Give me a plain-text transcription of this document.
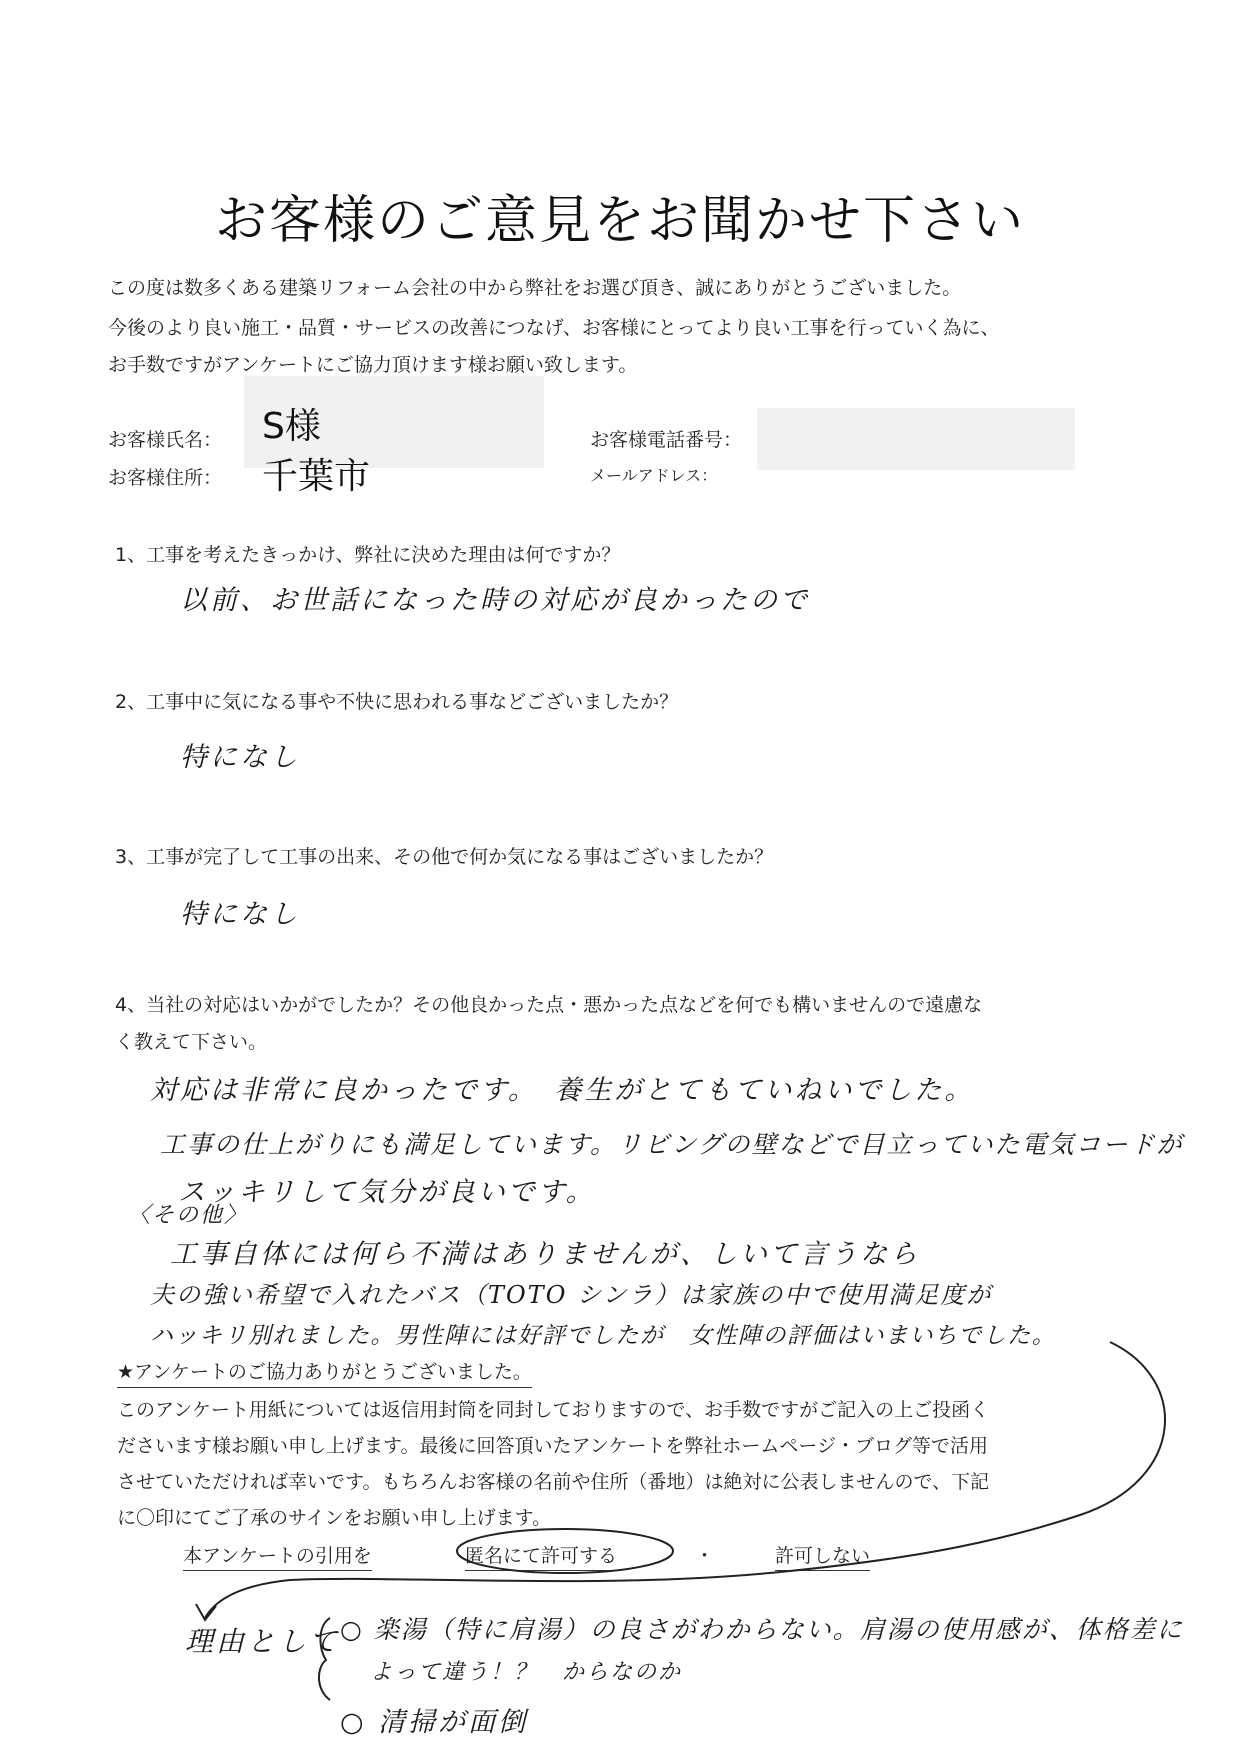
お客様のご意見をお聞かせ下さい
この度は数多くある建築リフォーム会社の中から弊社をお選び頂き、誠にありがとうございました。
今後のより良い施工・品質・サービスの改善につなげ、お客様にとってより良い工事を行っていく為に、
お手数ですがアンケートにご協力頂けます様お願い致します。
お客様氏名： S様
お客様住所： 千葉市
お客様電話番号：
メールアドレス：
1、工事を考えたきっかけ、弊社に決めた理由は何ですか？
以前、お世話になった時の対応が良かったので
2、工事中に気になる事や不快に思われる事などございましたか？
特になし
3、工事が完了して工事の出来、その他で何か気になる事はございましたか？
特になし
4、当社の対応はいかがでしたか？その他良かった点・悪かった点などを何でも構いませんので遠慮な
く教えて下さい。
対応は非常に良かったです。　養生がとてもていねいでした。
工事の仕上がりにも満足しています。リビングの壁などで目立っていた電気コードが
スッキリして気分が良いです。
〈その他〉
工事自体には何ら不満はありませんが、しいて言うなら
夫の強い希望で入れたバス（TOTO シンラ）は家族の中で使用満足度が
ハッキリ別れました。男性陣には好評でしたが　女性陣の評価はいまいちでした。
★アンケートのご協力ありがとうございました。
このアンケート用紙については返信用封筒を同封しておりますので、お手数ですがご記入の上ご投函く
ださいます様お願い申し上げます。最後に回答頂いたアンケートを弊社ホームページ・ブログ等で活用
させていただければ幸いです。もちろんお客様の名前や住所（番地）は絶対に公表しませんので、下記
に〇印にてご了承のサインをお願い申し上げます。
本アンケートの引用を	匿名にて許可する	・	許可しない
理由として ○ 楽湯（特に肩湯）の良さがわからない。肩湯の使用感が、体格差に
よって違う！？　からなのか
○ 清掃が面倒
